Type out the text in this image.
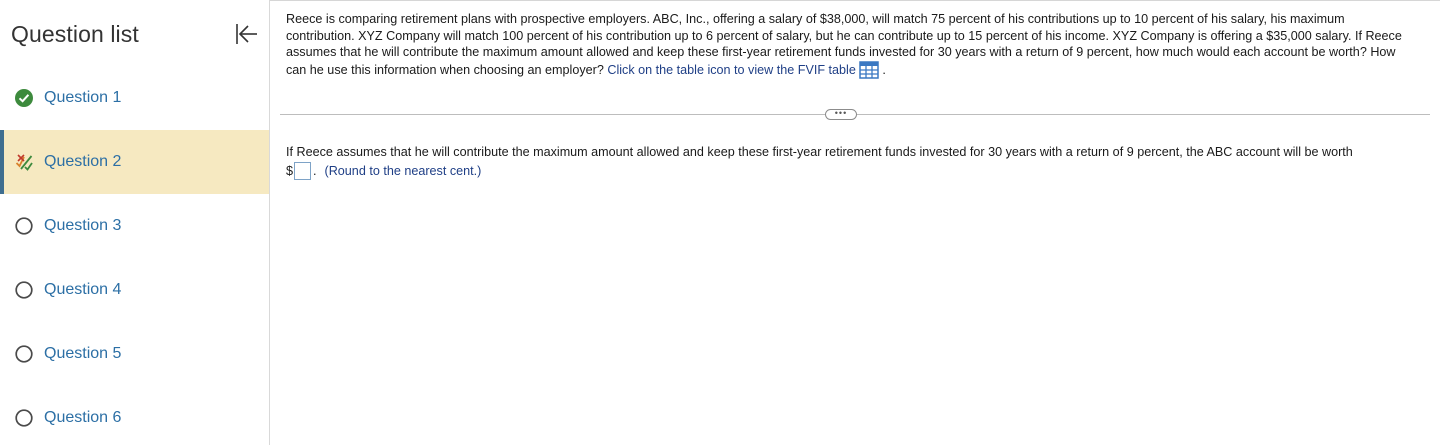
Question list
Question 1
Question 2
Question 3
Question 4
Question 5
Question 6

Reece is comparing retirement plans with prospective employers. ABC, Inc., offering a salary of $38,000, will match 75 percent of his contributions up to 10 percent of his salary, his maximum contribution. XYZ Company will match 100 percent of his contribution up to 6 percent of salary, but he can contribute up to 15 percent of his income. XYZ Company is offering a $35,000 salary. If Reece assumes that he will contribute the maximum amount allowed and keep these first-year retirement funds invested for 30 years with a return of 9 percent, how much would each account be worth? How can he use this information when choosing an employer? Click on the table icon to view the FVIF table .

•••
If Reece assumes that he will contribute the maximum amount allowed and keep these first-year retirement funds invested for 30 years with a return of 9 percent, the ABC account will be worth
$ . (Round to the nearest cent.)
